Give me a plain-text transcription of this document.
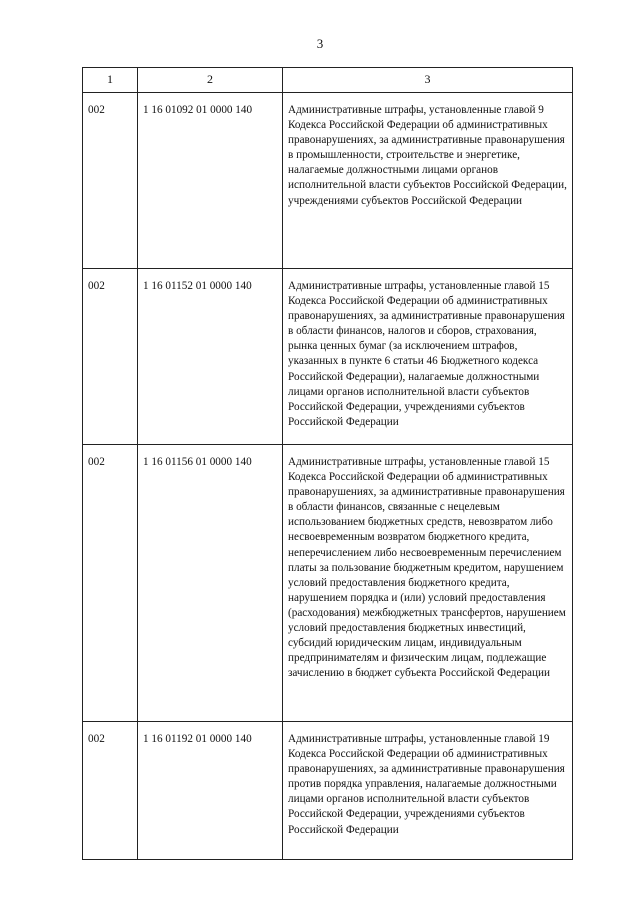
3
1	2	3
002	1 16 01092 01 0000 140	Административные штрафы, установленные главой 9 Кодекса Российской Федерации об административных правонарушениях, за административные правонарушения в промышленности, строительстве и энергетике, налагаемые должностными лицами органов исполнительной власти субъектов Российской Федерации, учреждениями субъектов Российской Федерации
002	1 16 01152 01 0000 140	Административные штрафы, установленные главой 15 Кодекса Российской Федерации об административных правонарушениях, за административные правонарушения в области финансов, налогов и сборов, страхования, рынка ценных бумаг (за исключением штрафов, указанных в пункте 6 статьи 46 Бюджетного кодекса Российской Федерации), налагаемые должностными лицами органов исполнительной власти субъектов Российской Федерации, учреждениями субъектов Российской Федерации
002	1 16 01156 01 0000 140	Административные штрафы, установленные главой 15 Кодекса Российской Федерации об административных правонарушениях, за административные правонарушения в области финансов, связанные с нецелевым использованием бюджетных средств, невозвратом либо несвоевременным возвратом бюджетного кредита, неперечислением либо несвоевременным перечислением платы за пользование бюджетным кредитом, нарушением условий предоставления бюджетного кредита, нарушением порядка и (или) условий предоставления (расходования) межбюджетных трансфертов, нарушением условий предоставления бюджетных инвестиций, субсидий юридическим лицам, индивидуальным предпринимателям и физическим лицам, подлежащие зачислению в бюджет субъекта Российской Федерации
002	1 16 01192 01 0000 140	Административные штрафы, установленные главой 19 Кодекса Российской Федерации об административных правонарушениях, за административные правонарушения против порядка управления, налагаемые должностными лицами органов исполнительной власти субъектов Российской Федерации, учреждениями субъектов Российской Федерации
